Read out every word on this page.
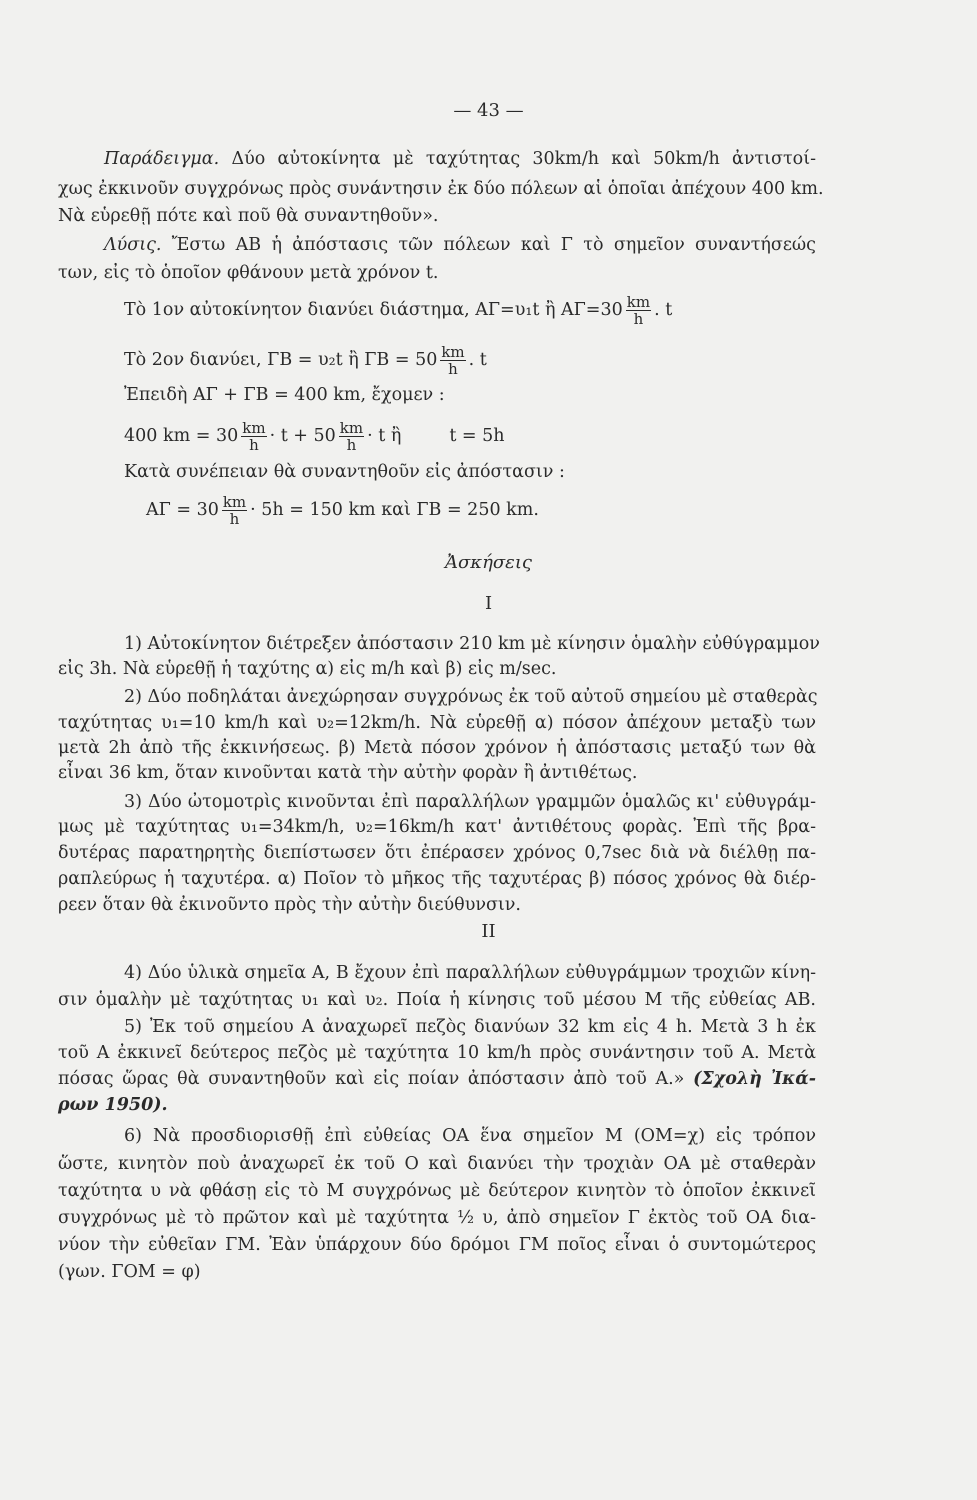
— 43 —

Παράδειγμα. Δύο αὐτοκίνητα μὲ ταχύτητας 30km/h καὶ 50km/h ἀντιστοί-

χως ἐκκινοῦν συγχρόνως πρὸς συνάντησιν ἐκ δύο πόλεων αἱ ὁποῖαι ἀπέχουν 400 km.

Νὰ εὑρεθῇ πότε καὶ ποῦ θὰ συναντηθοῦν».

Λύσις. Ἔστω ΑΒ ἡ ἀπόστασις τῶν πόλεων καὶ Γ τὸ σημεῖον συναντήσεώς

των, εἰς τὸ ὁποῖον φθάνουν μετὰ χρόνον t.

Τὸ 1ον αὐτοκίνητον διανύει διάστημα, ΑΓ=υ₁t ἢ $A\Gamma=30 \frac{km}{h}$ . t

Τὸ 2ον διανύει, ΓΒ = υ₂t ἢ $\Gamma B = 50 \frac{km}{h}$ . t

Ἐπειδὴ ΑΓ + ΓΒ = 400 km, ἔχομεν :

400 km = $30 \frac{km}{h} \cdot t + 50 \frac{km}{h} \cdot t$ ἢ	t = 5h

Κατὰ συνέπειαν θὰ συναντηθοῦν εἰς ἀπόστασιν :

$A\Gamma = 30 \frac{km}{h} \cdot 5h = 150$ km καὶ ΓΒ = 250 km.

Ἀσκήσεις

I

1) Αὐτοκίνητον διέτρεξεν ἀπόστασιν 210 km μὲ κίνησιν ὁμαλὴν εὐθύγραμμον

εἰς 3h. Νὰ εὑρεθῇ ἡ ταχύτης α) εἰς m/h καὶ β) εἰς m/sec.

2) Δύο ποδηλάται ἀνεχώρησαν συγχρόνως ἐκ τοῦ αὐτοῦ σημείου μὲ σταθερὰς

ταχύτητας υ₁=10 km/h καὶ υ₂=12km/h. Νὰ εὑρεθῇ α) πόσον ἀπέχουν μεταξὺ των

μετὰ 2h ἀπὸ τῆς ἐκκινήσεως. β) Μετὰ πόσον χρόνον ἡ ἀπόστασις μεταξύ των θὰ

εἶναι 36 km, ὅταν κινοῦνται κατὰ τὴν αὐτὴν φορὰν ἢ ἀντιθέτως.

3) Δύο ὠτομοτρὶς κινοῦνται ἐπὶ παραλλήλων γραμμῶν ὁμαλῶς κι' εὐθυγράμ-

μως μὲ ταχύτητας υ₁=34km/h, υ₂=16km/h κατ' ἀντιθέτους φορὰς. Ἐπὶ τῆς βρα-

δυτέρας παρατηρητὴς διεπίστωσεν ὅτι ἐπέρασεν χρόνος 0,7sec διὰ νὰ διέλθῃ πα-

ραπλεύρως ἡ ταχυτέρα. α) Ποῖον τὸ μῆκος τῆς ταχυτέρας β) πόσος χρόνος θὰ διέρ-

ρεεν ὅταν θὰ ἐκινοῦντο πρὸς τὴν αὐτὴν διεύθυνσιν.

II

4) Δύο ὑλικὰ σημεῖα Α, Β ἔχουν ἐπὶ παραλλήλων εὐθυγράμμων τροχιῶν κίνη-

σιν ὁμαλὴν μὲ ταχύτητας υ₁ καὶ υ₂. Ποία ἡ κίνησις τοῦ μέσου Μ τῆς εὐθείας ΑΒ.

5) Ἐκ τοῦ σημείου Α ἀναχωρεῖ πεζὸς διανύων 32 km εἰς 4 h. Μετὰ 3 h ἐκ

τοῦ Α ἐκκινεῖ δεύτερος πεζὸς μὲ ταχύτητα 10 km/h πρὸς συνάντησιν τοῦ Α. Μετὰ

πόσας ὥρας θὰ συναντηθοῦν καὶ εἰς ποίαν ἀπόστασιν ἀπὸ τοῦ Α.» (Σχολὴ Ἰκά-

ρων 1950).

6) Νὰ προσδιορισθῇ ἐπὶ εὐθείας ΟΑ ἕνα σημεῖον Μ (ΟΜ=χ) εἰς τρόπον

ὥστε, κινητὸν ποὺ ἀναχωρεῖ ἐκ τοῦ Ο καὶ διανύει τὴν τροχιὰν ΟΑ μὲ σταθερὰν

ταχύτητα υ νὰ φθάσῃ εἰς τὸ Μ συγχρόνως μὲ δεύτερον κινητὸν τὸ ὁποῖον ἐκκινεῖ

συγχρόνως μὲ τὸ πρῶτον καὶ μὲ ταχύτητα ½ υ, ἀπὸ σημεῖον Γ ἐκτὸς τοῦ ΟΑ δια-

νύον τὴν εὐθεῖαν ΓΜ. Ἐὰν ὑπάρχουν δύο δρόμοι ΓΜ ποῖος εἶναι ὁ συντομώτερος

(γων. ΓΟΜ = φ)
